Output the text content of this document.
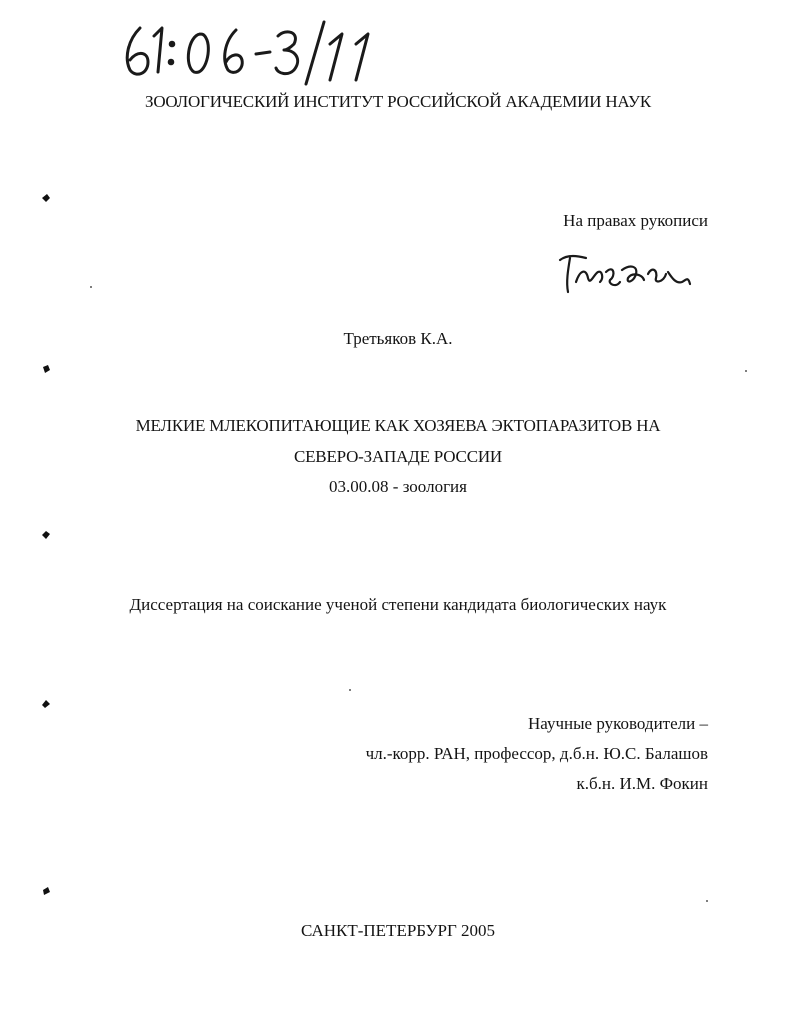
ЗООЛОГИЧЕСКИЙ ИНСТИТУТ РОССИЙСКОЙ АКАДЕМИИ НАУК
На правах рукописи
Третьяков К.А.
МЕЛКИЕ МЛЕКОПИТАЮЩИЕ КАК ХОЗЯЕВА ЭКТОПАРАЗИТОВ НА
СЕВЕРО-ЗАПАДЕ РОССИИ
03.00.08 - зоология
Диссертация на соискание ученой степени кандидата биологических наук
Научные руководители –
чл.-корр. РАН, профессор, д.б.н. Ю.С. Балашов
к.б.н. И.М. Фокин
САНКТ-ПЕТЕРБУРГ 2005
